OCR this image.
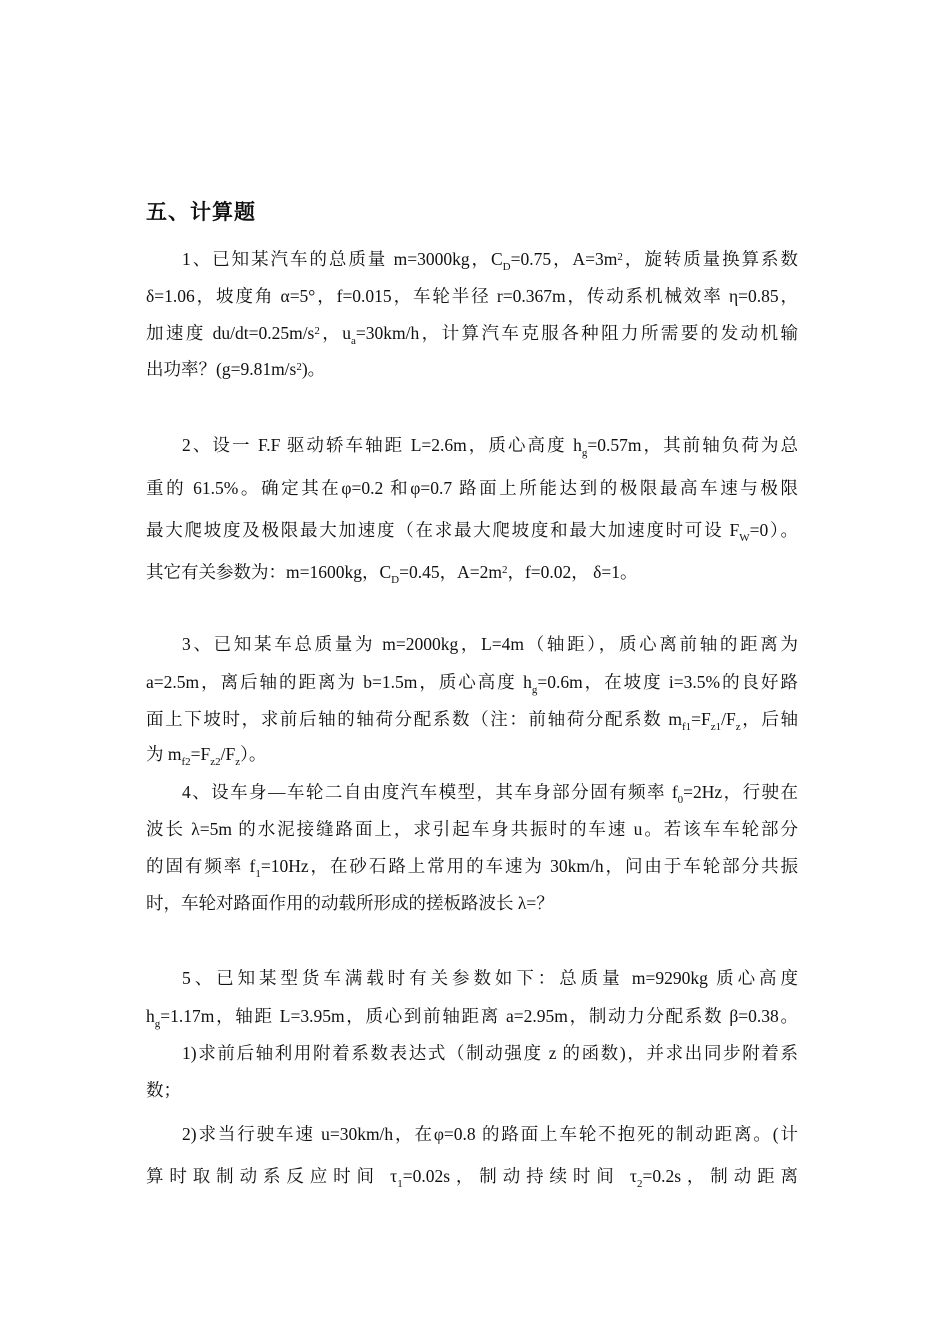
五、计算题
1、已知某汽车的总质量 m=3000kg，$C_D=0.75$，$A=3m^2$，旋转质量换算系数
δ=1.06，坡度角 α=5°，f=0.015，车轮半径 r=0.367m，传动系机械效率 η=0.85，
加速度 $du/dt=0.25m/s^2$，$u_a=30km/h$，计算汽车克服各种阻力所需要的发动机输
出功率？$(g=9.81m/s^2)$。
2、设一 F.F 驱动轿车轴距 L=2.6m，质心高度 $h_g=0.57m$，其前轴负荷为总
重的 61.5%。确定其在φ=0.2 和φ=0.7 路面上所能达到的极限最高车速与极限
最大爬坡度及极限最大加速度（在求最大爬坡度和最大加速度时可设 $F_W=0$）。
其它有关参数为：m=1600kg，$C_D=0.45$，$A=2m^2$，f=0.02， δ=1。
3、已知某车总质量为 m=2000kg，L=4m（轴距），质心离前轴的距离为
a=2.5m，离后轴的距离为 b=1.5m，质心高度 $h_g=0.6m$，在坡度 i=3.5%的良好路
面上下坡时，求前后轴的轴荷分配系数（注：前轴荷分配系数 $m_{f1}=F_{z1}/F_z$，后轴
为 $m_{f2}=F_{z2}/F_z$）。
4、设车身—车轮二自由度汽车模型，其车身部分固有频率 $f_0=2Hz$，行驶在
波长 λ=5m 的水泥接缝路面上，求引起车身共振时的车速 u。若该车车轮部分
的固有频率 $f_1=10Hz$，在砂石路上常用的车速为 30km/h，问由于车轮部分共振
时，车轮对路面作用的动载所形成的搓板路波长 λ=？
5、已知某型货车满载时有关参数如下：总质量 m=9290kg 质心高度
$h_g=1.17m$，轴距 L=3.95m，质心到前轴距离 a=2.95m，制动力分配系数 β=0.38。
1)求前后轴利用附着系数表达式（制动强度 z 的函数)，并求出同步附着系
数；
2)求当行驶车速 u=30km/h，在φ=0.8 的路面上车轮不抱死的制动距离。(计
算时取制动系反应时间 $\tau_1=0.02s$，制动持续时间 $\tau_2=0.2s$，制动距离
